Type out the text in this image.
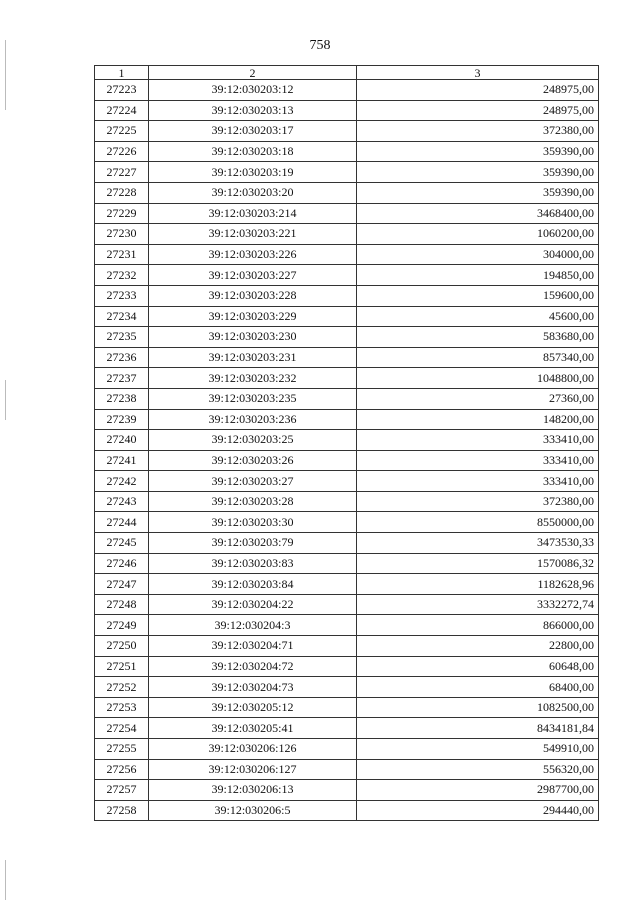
758
1	2	3
27223	39:12:030203:12	248975,00
27224	39:12:030203:13	248975,00
27225	39:12:030203:17	372380,00
27226	39:12:030203:18	359390,00
27227	39:12:030203:19	359390,00
27228	39:12:030203:20	359390,00
27229	39:12:030203:214	3468400,00
27230	39:12:030203:221	1060200,00
27231	39:12:030203:226	304000,00
27232	39:12:030203:227	194850,00
27233	39:12:030203:228	159600,00
27234	39:12:030203:229	45600,00
27235	39:12:030203:230	583680,00
27236	39:12:030203:231	857340,00
27237	39:12:030203:232	1048800,00
27238	39:12:030203:235	27360,00
27239	39:12:030203:236	148200,00
27240	39:12:030203:25	333410,00
27241	39:12:030203:26	333410,00
27242	39:12:030203:27	333410,00
27243	39:12:030203:28	372380,00
27244	39:12:030203:30	8550000,00
27245	39:12:030203:79	3473530,33
27246	39:12:030203:83	1570086,32
27247	39:12:030203:84	1182628,96
27248	39:12:030204:22	3332272,74
27249	39:12:030204:3	866000,00
27250	39:12:030204:71	22800,00
27251	39:12:030204:72	60648,00
27252	39:12:030204:73	68400,00
27253	39:12:030205:12	1082500,00
27254	39:12:030205:41	8434181,84
27255	39:12:030206:126	549910,00
27256	39:12:030206:127	556320,00
27257	39:12:030206:13	2987700,00
27258	39:12:030206:5	294440,00
